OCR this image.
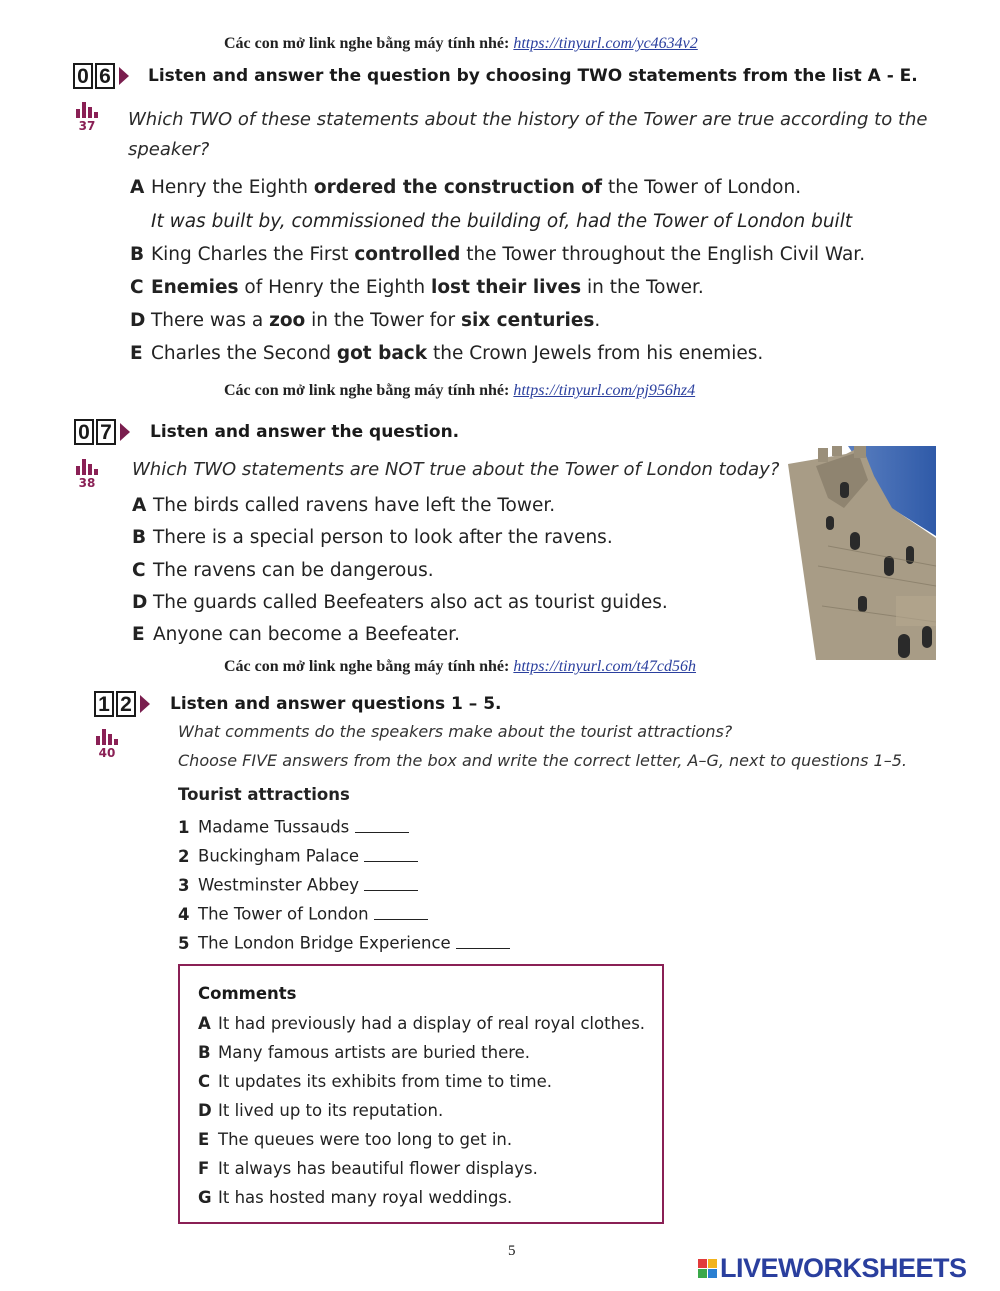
Các con mở link nghe bằng máy tính nhé: https://tinyurl.com/yc4634v2
0 6 Listen and answer the question by choosing TWO statements from the list A - E.
37 Which TWO of these statements about the history of the Tower are true according to the
speaker?
A Henry the Eighth ordered the construction of the Tower of London.
It was built by, commissioned the building of, had the Tower of London built
B King Charles the First controlled the Tower throughout the English Civil War.
C Enemies of Henry the Eighth lost their lives in the Tower.
D There was a zoo in the Tower for six centuries.
E Charles the Second got back the Crown Jewels from his enemies.
Các con mở link nghe bằng máy tính nhé: https://tinyurl.com/pj956hz4
0 7 Listen and answer the question.
38
Which TWO statements are NOT true about the Tower of London today?
A The birds called ravens have left the Tower.
B There is a special person to look after the ravens.
C The ravens can be dangerous.
D The guards called Beefeaters also act as tourist guides.
E Anyone can become a Beefeater.
Các con mở link nghe bằng máy tính nhé: https://tinyurl.com/t47cd56h
1 2 Listen and answer questions 1 – 5.
40
What comments do the speakers make about the tourist attractions?
Choose FIVE answers from the box and write the correct letter, A–G, next to questions 1–5.
Tourist attractions
1 Madame Tussauds
2 Buckingham Palace
3 Westminster Abbey
4 The Tower of London
5 The London Bridge Experience
Comments
A It had previously had a display of real royal clothes.
B Many famous artists are buried there.
C It updates its exhibits from time to time.
D It lived up to its reputation.
E The queues were too long to get in.
F It always has beautiful flower displays.
G It has hosted many royal weddings.
5
LIVEWORKSHEETS
